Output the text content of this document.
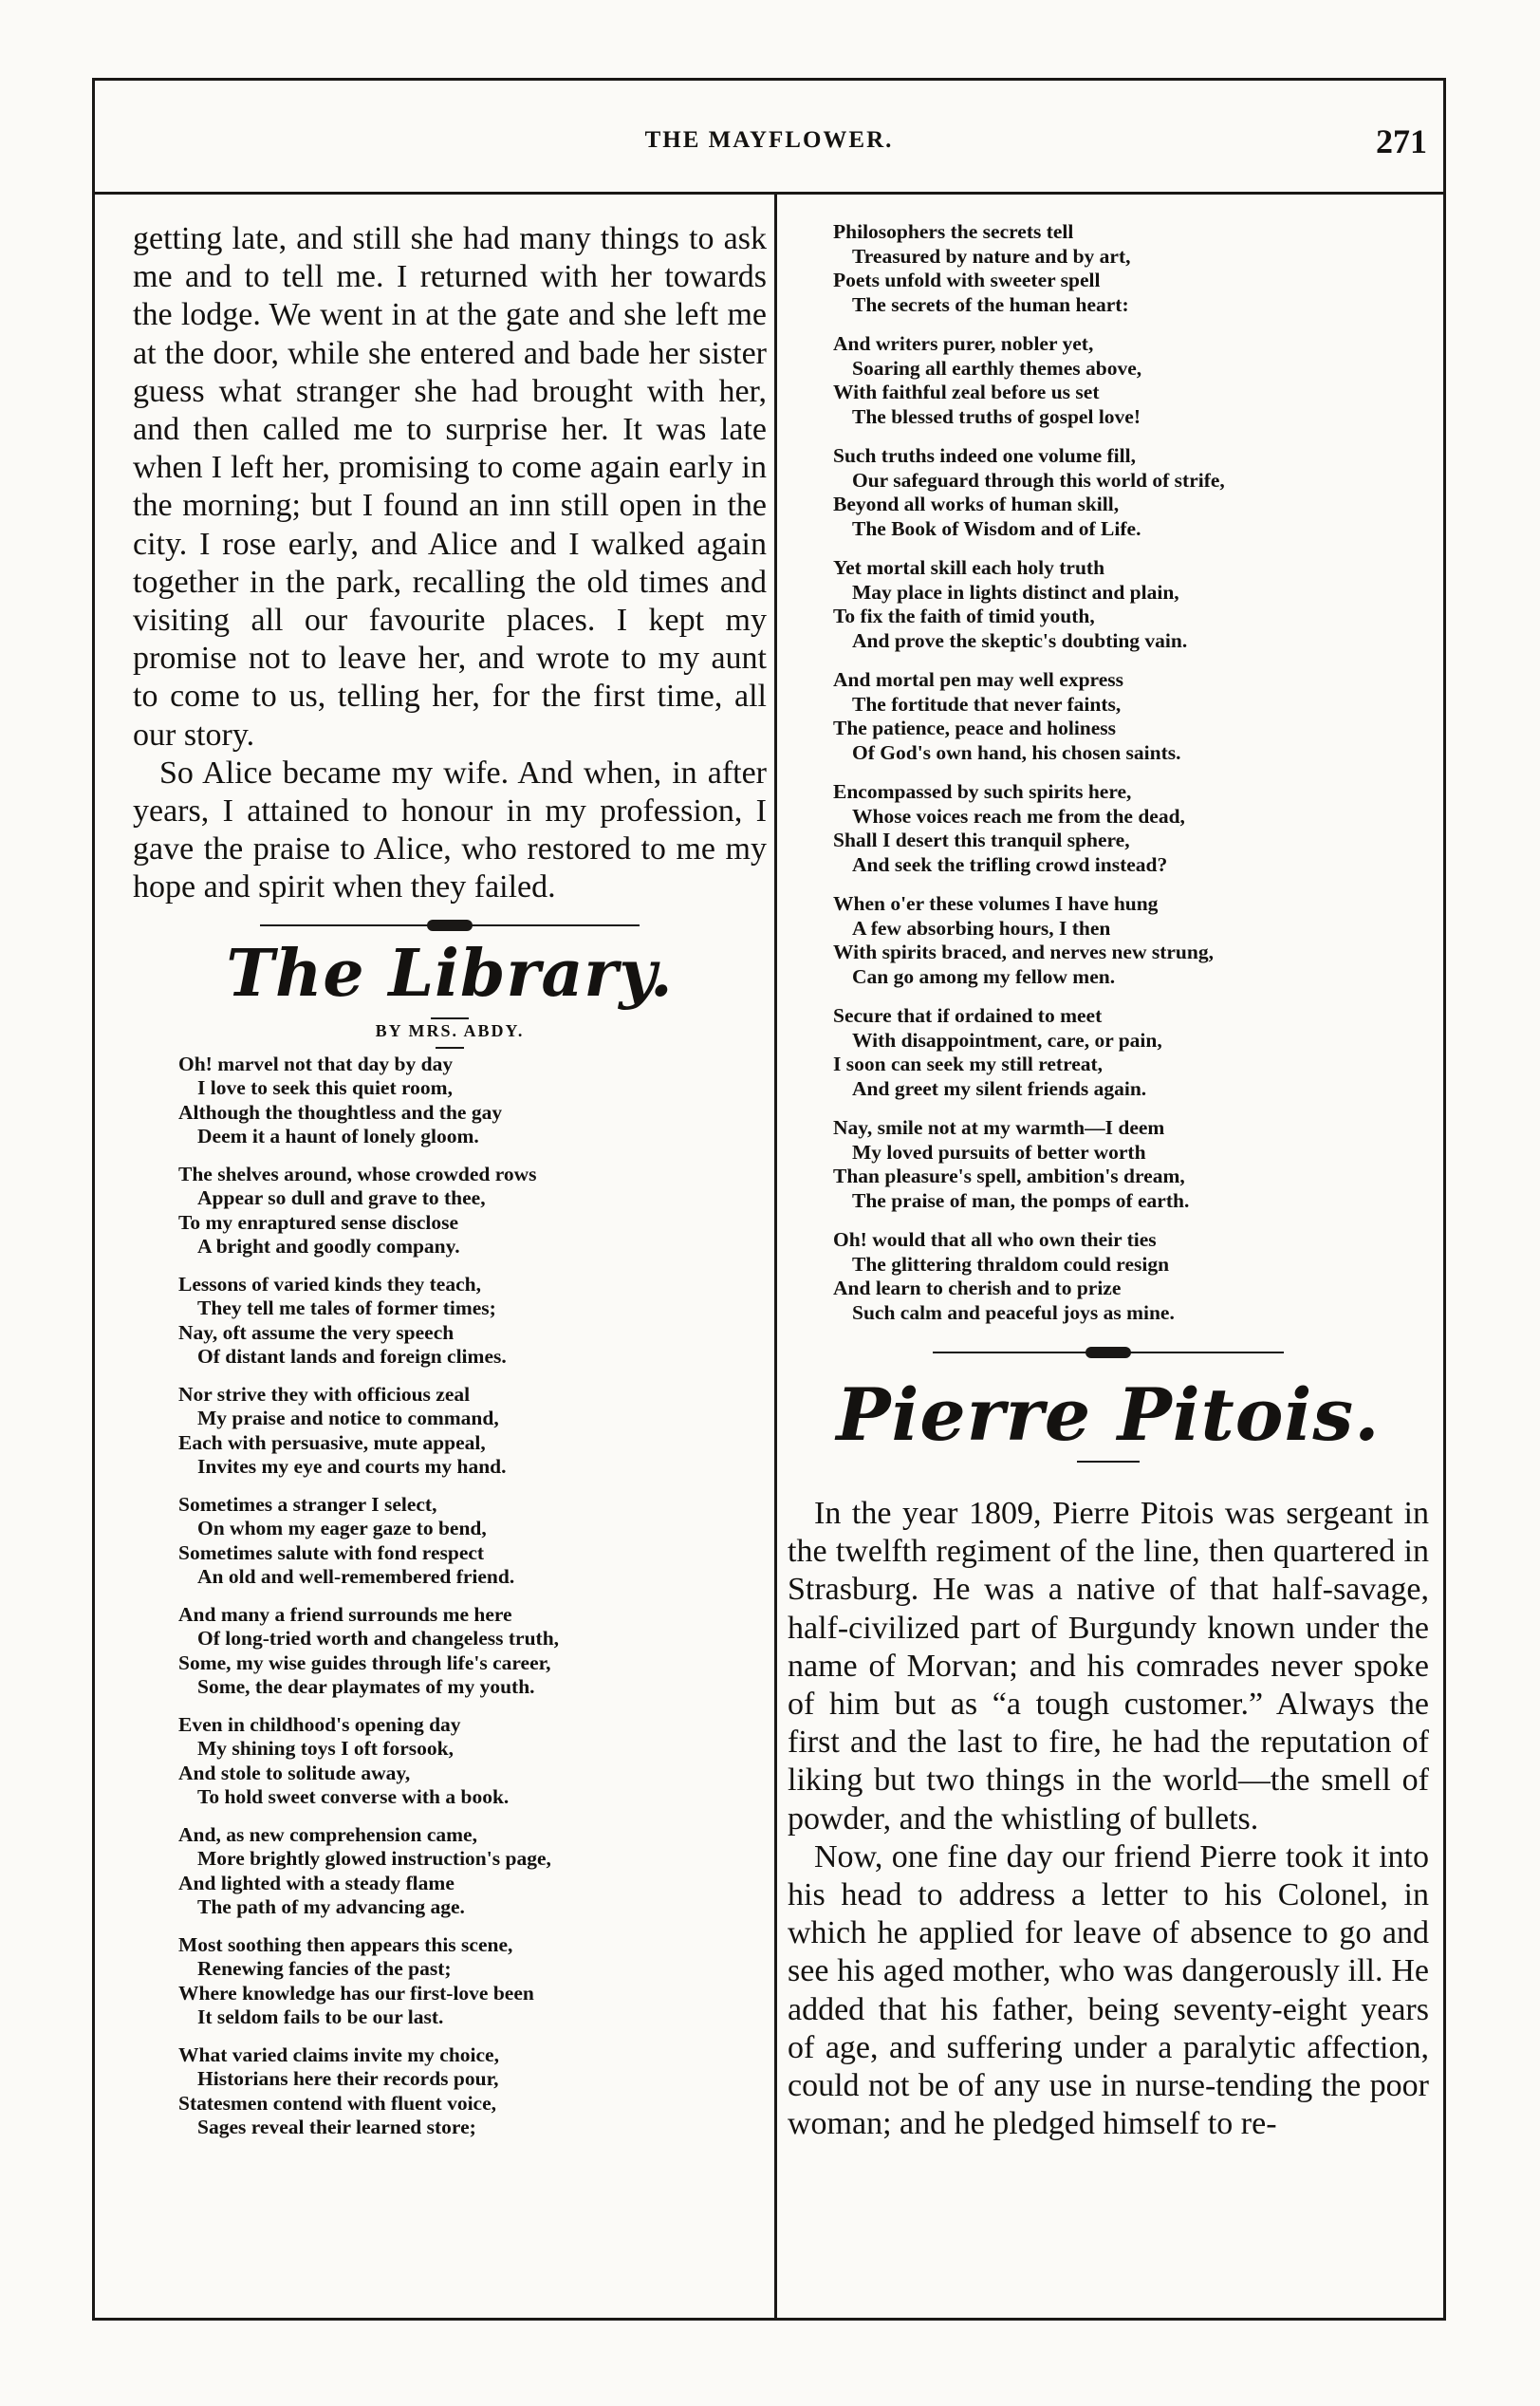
THE MAYFLOWER.	271

getting late, and still she had many things to ask me and to tell me. I returned with her towards the lodge. We went in at the gate and she left me at the door, while she entered and bade her sister guess what stranger she had brought with her, and then called me to surprise her. It was late when I left her, promising to come again early in the morning; but I found an inn still open in the city. I rose early, and Alice and I walked again together in the park, recalling the old times and visiting all our favourite places. I kept my promise not to leave her, and wrote to my aunt to come to us, telling her, for the first time, all our story.

So Alice became my wife. And when, in after years, I attained to honour in my profession, I gave the praise to Alice, who restored to me my hope and spirit when they failed.

The Library.
BY MRS. ABDY.
Oh! marvel not that day by day
I love to seek this quiet room,
Although the thoughtless and the gay
Deem it a haunt of lonely gloom.
The shelves around, whose crowded rows
Appear so dull and grave to thee,
To my enraptured sense disclose
A bright and goodly company.
Lessons of varied kinds they teach,
They tell me tales of former times;
Nay, oft assume the very speech
Of distant lands and foreign climes.
Nor strive they with officious zeal
My praise and notice to command,
Each with persuasive, mute appeal,
Invites my eye and courts my hand.
Sometimes a stranger I select,
On whom my eager gaze to bend,
Sometimes salute with fond respect
An old and well-remembered friend.
And many a friend surrounds me here
Of long-tried worth and changeless truth,
Some, my wise guides through life's career,
Some, the dear playmates of my youth.
Even in childhood's opening day
My shining toys I oft forsook,
And stole to solitude away,
To hold sweet converse with a book.
And, as new comprehension came,
More brightly glowed instruction's page,
And lighted with a steady flame
The path of my advancing age.
Most soothing then appears this scene,
Renewing fancies of the past;
Where knowledge has our first-love been
It seldom fails to be our last.
What varied claims invite my choice,
Historians here their records pour,
Statesmen contend with fluent voice,
Sages reveal their learned store;
Philosophers the secrets tell
Treasured by nature and by art,
Poets unfold with sweeter spell
The secrets of the human heart:
And writers purer, nobler yet,
Soaring all earthly themes above,
With faithful zeal before us set
The blessed truths of gospel love!
Such truths indeed one volume fill,
Our safeguard through this world of strife,
Beyond all works of human skill,
The Book of Wisdom and of Life.
Yet mortal skill each holy truth
May place in lights distinct and plain,
To fix the faith of timid youth,
And prove the skeptic's doubting vain.
And mortal pen may well express
The fortitude that never faints,
The patience, peace and holiness
Of God's own hand, his chosen saints.
Encompassed by such spirits here,
Whose voices reach me from the dead,
Shall I desert this tranquil sphere,
And seek the trifling crowd instead?
When o'er these volumes I have hung
A few absorbing hours, I then
With spirits braced, and nerves new strung,
Can go among my fellow men.
Secure that if ordained to meet
With disappointment, care, or pain,
I soon can seek my still retreat,
And greet my silent friends again.
Nay, smile not at my warmth—I deem
My loved pursuits of better worth
Than pleasure's spell, ambition's dream,
The praise of man, the pomps of earth.
Oh! would that all who own their ties
The glittering thraldom could resign
And learn to cherish and to prize
Such calm and peaceful joys as mine.
Pierre Pitois.

In the year 1809, Pierre Pitois was sergeant in the twelfth regiment of the line, then quartered in Strasburg. He was a native of that half-savage, half-civilized part of Burgundy known under the name of Morvan; and his comrades never spoke of him but as “a tough customer.” Always the first and the last to fire, he had the reputation of liking but two things in the world—the smell of powder, and the whistling of bullets.

Now, one fine day our friend Pierre took it into his head to address a letter to his Colonel, in which he applied for leave of absence to go and see his aged mother, who was dangerously ill. He added that his father, being seventy-eight years of age, and suffering under a paralytic affection, could not be of any use in nurse-tending the poor woman; and he pledged himself to re-
